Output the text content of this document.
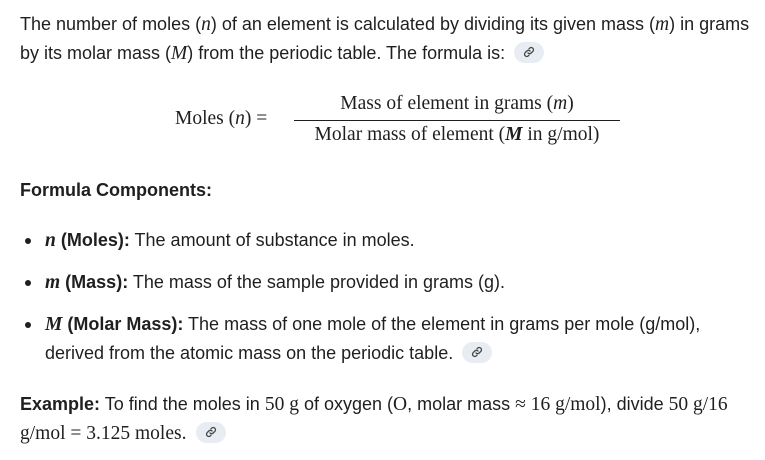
The number of moles (n) of an element is calculated by dividing its given mass (m) in grams by its molar mass (M) from the periodic table. The formula is:
Moles (n) =
Mass of element in grams (m)
Molar mass of element (M in g/mol)
Formula Components:
n (Moles): The amount of substance in moles.
m (Mass): The mass of the sample provided in grams (g).
M (Molar Mass): The mass of one mole of the element in grams per mole (g/mol), derived from the atomic mass on the periodic table.
Example: To find the moles in 50 g of oxygen (O, molar mass ≈ 16 g/mol), divide 50 g/16 g/mol = 3.125 moles.
